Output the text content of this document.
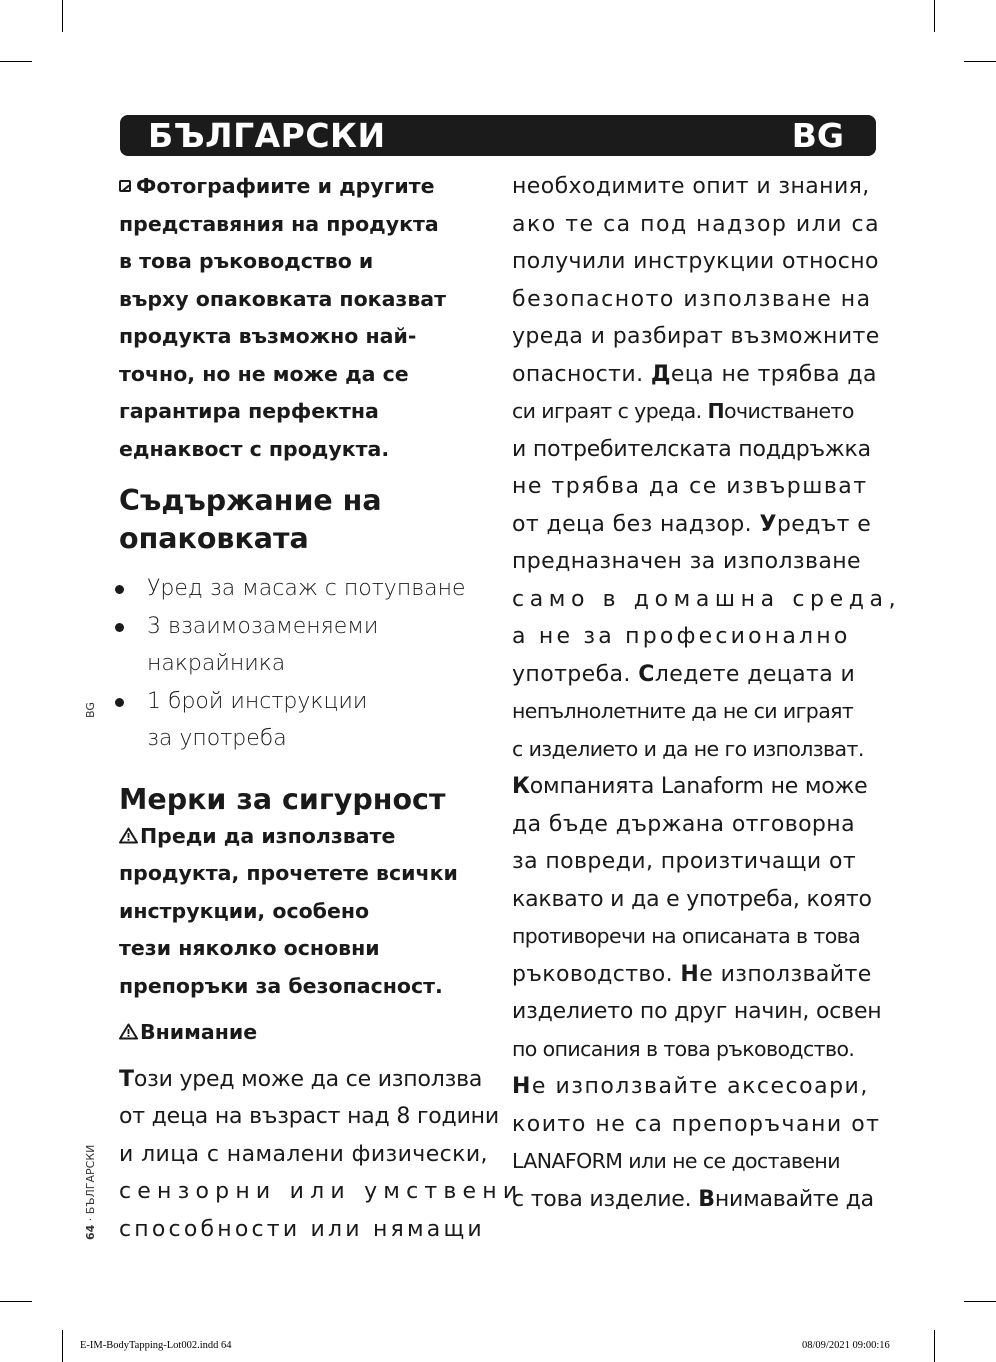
БЪЛГАРСКИ	BG

Фотографиите и другите
представяния на продукта
в това ръководство и
върху опаковката показват
продукта възможно най-
точно, но не може да се
гарантира перфектна
еднаквост с продукта.

Съдържание на
опаковката
Уред за масаж с потупване
3 взаимозаменяеми
накрайника
1 брой инструкции
за употреба
Мерки за сигурност

Преди да използвате
продукта, прочетете всички
инструкции, особено
тези няколко основни
препоръки за безопасност.

Внимание

Този уред може да се използва
от деца на възраст над 8 години
и лица с намалени физически,
сензорни или умствени
способности или нямащи

необходимите опит и знания,
ако те са под надзор или са
получили инструкции относно
безопасното използване на
уреда и разбират възможните
опасности. Деца не трябва да
си играят с уреда. Почистването
и потребителската поддръжка
не трябва да се извършват
от деца без надзор. Уредът е
предназначен за използване
само в домашна среда,
а не за професионално
употреба. Следете децата и
непълнолетните да не си играят
с изделието и да не го използват.
Компанията Lanaform не може
да бъде държана отговорна
за повреди, произтичащи от
каквато и да е употреба, която
противоречи на описаната в това
ръководство. Не използвайте
изделието по друг начин, освен
по описания в това ръководство.
Не използвайте аксесоари,
които не са препоръчани от
LANAFORM или не се доставени
с това изделие. Внимавайте да

BG
64 · БЪЛГАРСКИ
E-IM-BodyTapping-Lot002.indd 64	08/09/2021 09:00:16
